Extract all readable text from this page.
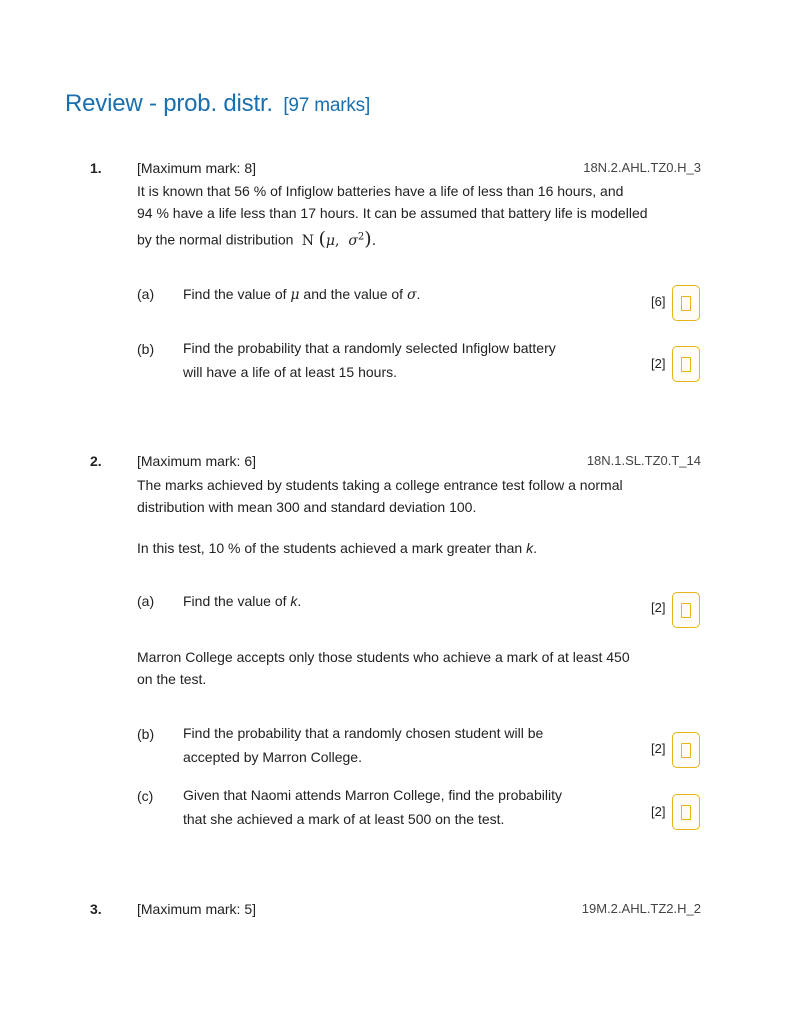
Review - prob. distr. [97 marks]
1.	[Maximum mark: 8]	18N.2.AHL.TZ0.H_3
It is known that 56 % of Infiglow batteries have a life of less than 16 hours, and
94 % have a life less than 17 hours. It can be assumed that battery life is modelled
by the normal distribution  N (μ,  $\sigma^2$).
(a) Find the value of μ and the value of σ.	[6]
(b) Find the probability that a randomly selected Infiglow battery
will have a life of at least 15 hours.
[2]
2.	[Maximum mark: 6]	18N.1.SL.TZ0.T_14
The marks achieved by students taking a college entrance test follow a normal
distribution with mean 300 and standard deviation 100.
In this test, 10 % of the students achieved a mark greater than k.
(a) Find the value of k.	[2]
Marron College accepts only those students who achieve a mark of at least 450
on the test.
(b) Find the probability that a randomly chosen student will be
accepted by Marron College.
[2]
(c) Given that Naomi attends Marron College, find the probability
that she achieved a mark of at least 500 on the test.	[2]
3.	[Maximum mark: 5]	19M.2.AHL.TZ2.H_2
